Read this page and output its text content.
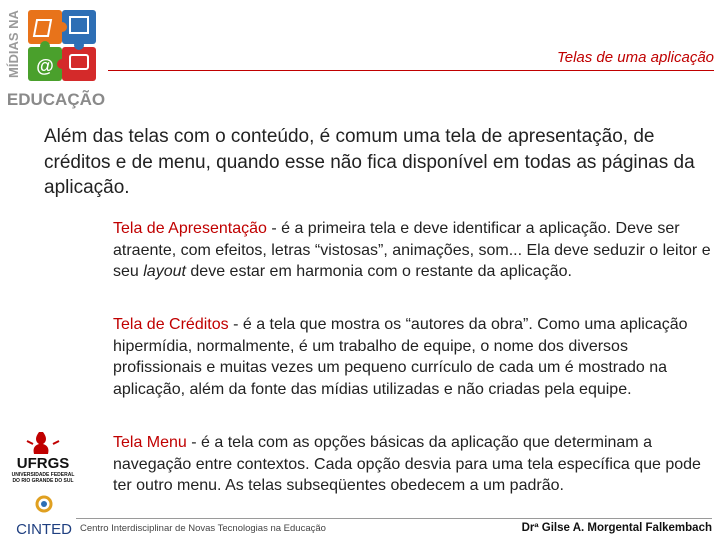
MÍDIAS NA @
EDUCAÇÃO
Telas de uma aplicação
Além das telas com o conteúdo, é comum uma tela de apresentação, de créditos e de menu, quando esse não fica disponível em todas as páginas da aplicação.
Tela de Apresentação - é a primeira tela e deve identificar a aplicação. Deve ser atraente, com efeitos, letras “vistosas”, animações, som... Ela deve seduzir o leitor e seu layout deve estar em harmonia com o restante da aplicação.
Tela de Créditos - é a tela que mostra os “autores da obra”. Como uma aplicação hipermídia, normalmente, é um trabalho de equipe, o nome dos diversos profissionais e muitas vezes um pequeno currículo de cada um é mostrado na aplicação, além da fonte das mídias utilizadas e não criadas pela equipe.
Tela Menu - é a tela com as opções básicas da aplicação que determinam a navegação entre contextos. Cada opção desvia para uma tela específica que pode ter outro menu. As telas subseqüentes obedecem a um padrão.
UFRGS
UNIVERSIDADE FEDERAL
DO RIO GRANDE DO SUL
CINTED Centro Interdisciplinar de Novas Tecnologias na Educação	Drª Gilse A. Morgental Falkembach
